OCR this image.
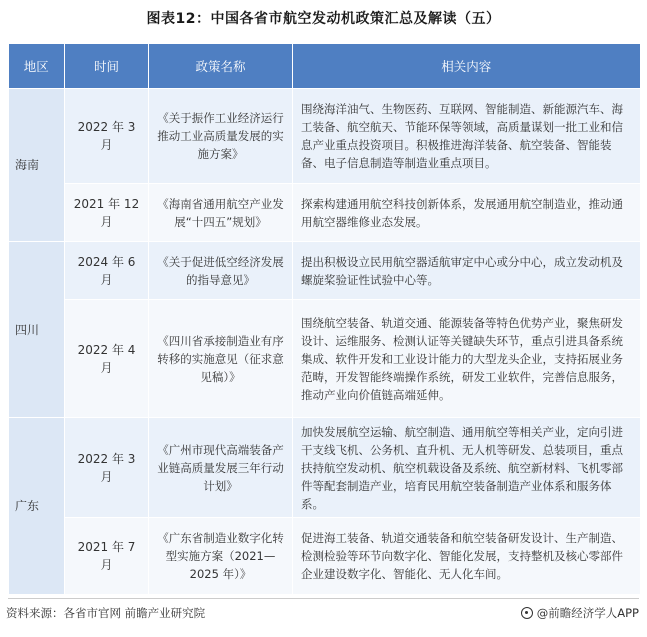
图表12：中国各省市航空发动机政策汇总及解读（五）
地区	时间	政策名称	相关内容
海南	2022 年 3 月	《关于振作工业经济运行推动工业高质量发展的实施方案》	围绕海洋油气、生物医药、互联网、智能制造、新能源汽车、海工装备、航空航天、节能环保等领域，高质量谋划一批工业和信息产业重点投资项目。积极推进海洋装备、航空装备、智能装备、电子信息制造等制造业重点项目。
	2021 年 12 月	《海南省通用航空产业发展“十四五”规划》	探索构建通用航空科技创新体系，发展通用航空制造业，推动通用航空器维修业态发展。
四川	2024 年 6 月	《关于促进低空经济发展的指导意见》	提出积极设立民用航空器适航审定中心或分中心，成立发动机及螺旋桨验证性试验中心等。
	2022 年 4 月	《四川省承接制造业有序转移的实施意见（征求意见稿）》	围绕航空装备、轨道交通、能源装备等特色优势产业，聚焦研发设计、运维服务、检测认证等关键缺失环节，重点引进具备系统集成、软件开发和工业设计能力的大型龙头企业，支持拓展业务范畴，开发智能终端操作系统，研发工业软件，完善信息服务，推动产业向价值链高端延伸。
广东	2022 年 3 月	《广州市现代高端装备产业链高质量发展三年行动计划》	加快发展航空运输、航空制造、通用航空等相关产业，定向引进干支线飞机、公务机、直升机、无人机等研发、总装项目，重点扶持航空发动机、航空机载设备及系统、航空新材料、飞机零部件等配套制造产业，培育民用航空装备制造产业体系和服务体系。
	2021 年 7 月	《广东省制造业数字化转型实施方案（2021—2025 年）》	促进海工装备、轨道交通装备和航空装备研发设计、生产制造、检测检验等环节向数字化、智能化发展，支持整机及核心零部件企业建设数字化、智能化、无人化车间。
资料来源：各省市官网 前瞻产业研究院	@前瞻经济学人APP
